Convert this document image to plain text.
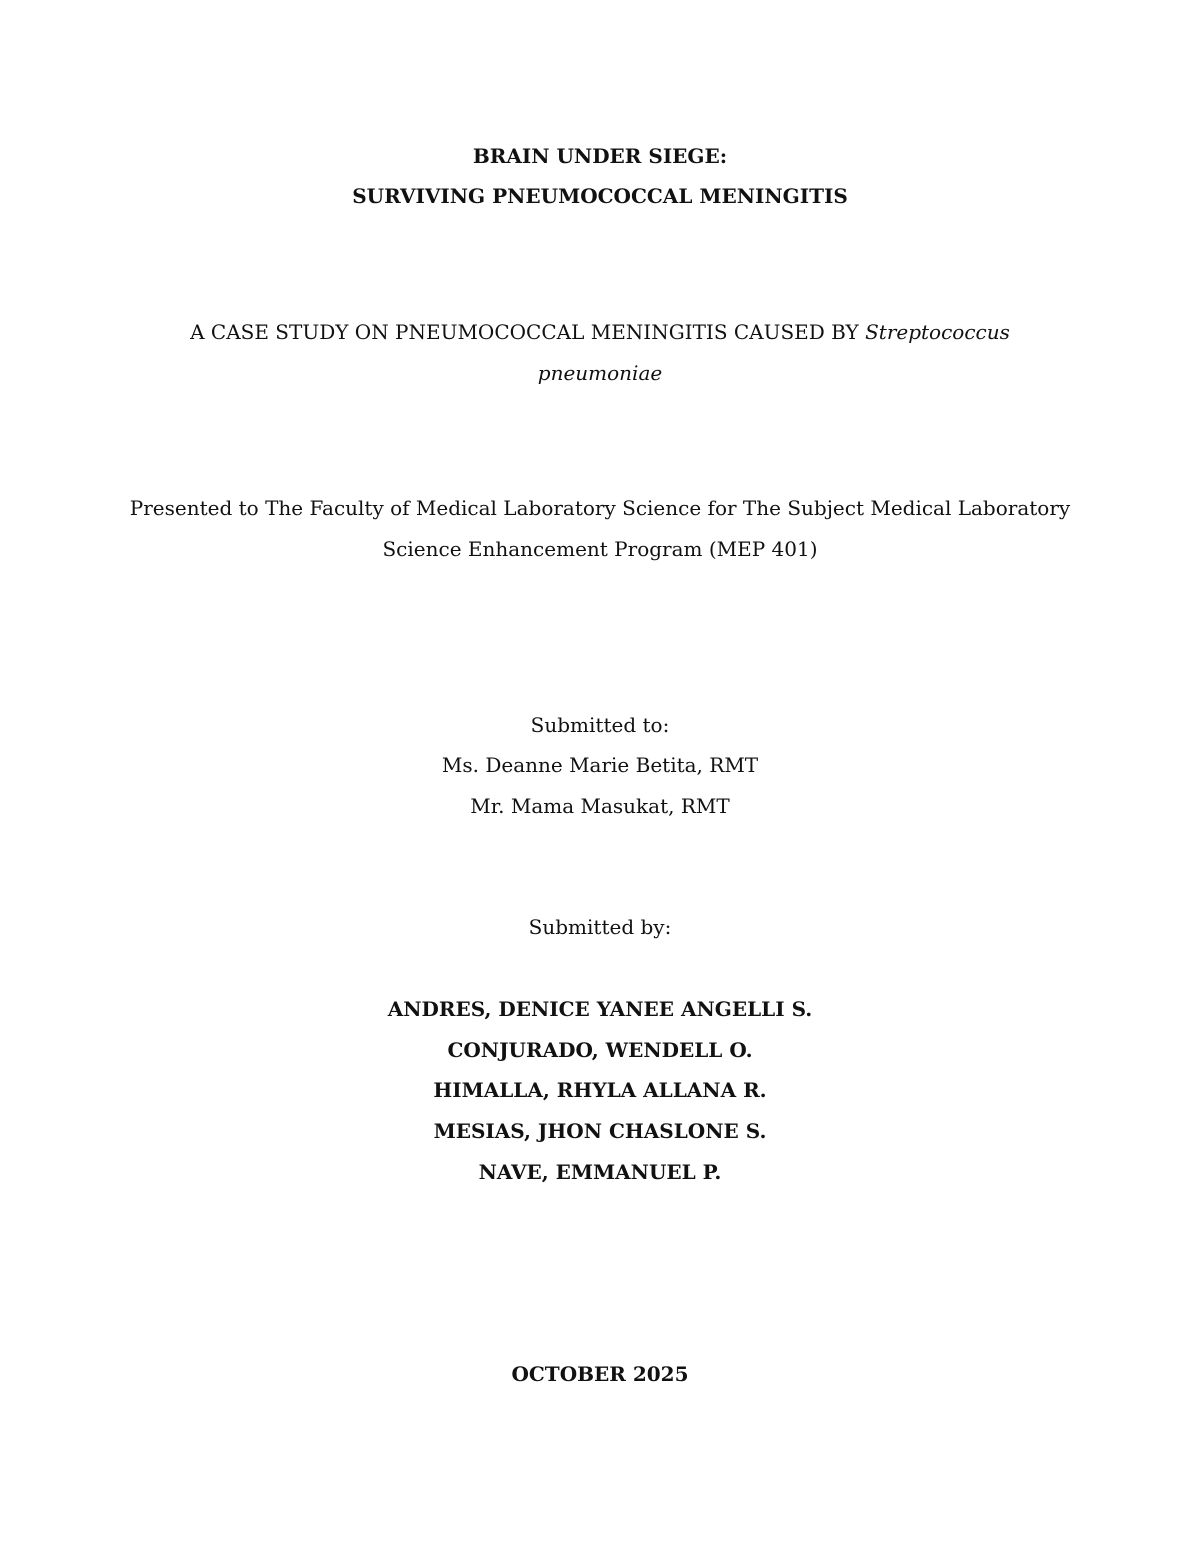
BRAIN UNDER SIEGE:
SURVIVING PNEUMOCOCCAL MENINGITIS
A CASE STUDY ON PNEUMOCOCCAL MENINGITIS CAUSED BY Streptococcus
pneumoniae
Presented to The Faculty of Medical Laboratory Science for The Subject Medical Laboratory
Science Enhancement Program (MEP 401)
Submitted to:
Ms. Deanne Marie Betita, RMT
Mr. Mama Masukat, RMT
Submitted by:
ANDRES, DENICE YANEE ANGELLI S.
CONJURADO, WENDELL O.
HIMALLA, RHYLA ALLANA R.
MESIAS, JHON CHASLONE S.
NAVE, EMMANUEL P.
OCTOBER 2025
